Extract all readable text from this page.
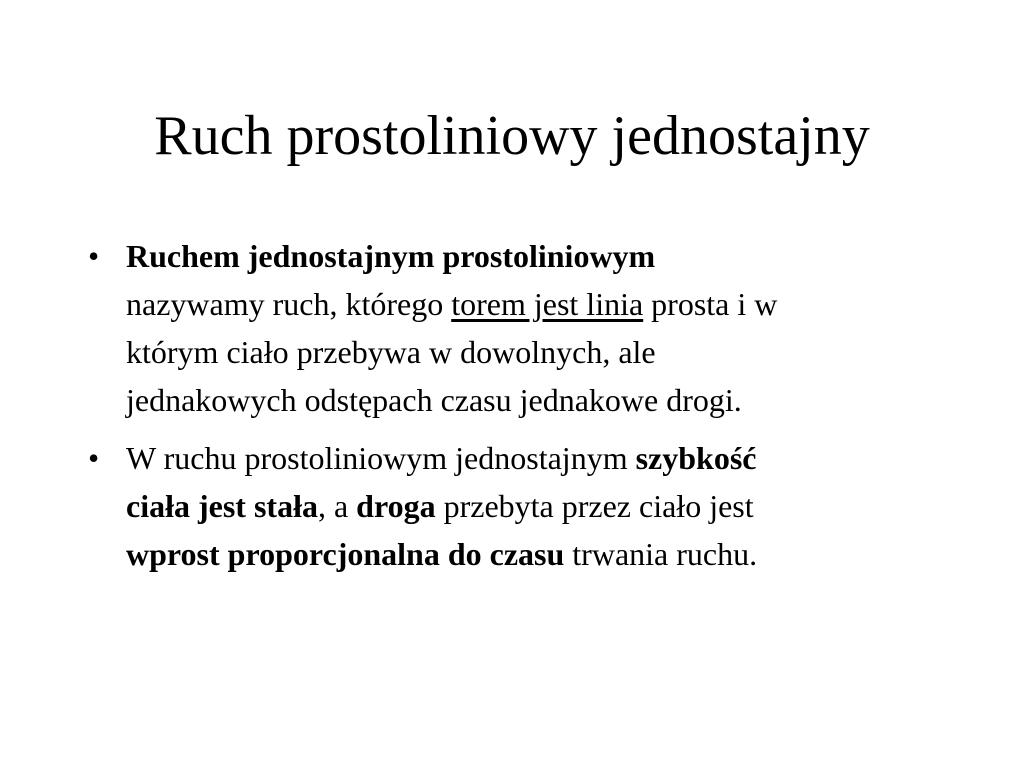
Ruch prostoliniowy jednostajny
• Ruchem jednostajnym prostoliniowym
nazywamy ruch, którego torem jest linia prosta i w
którym ciało przebywa w dowolnych, ale
jednakowych odstępach czasu jednakowe drogi.
• W ruchu prostoliniowym jednostajnym szybkość
ciała jest stała, a droga przebyta przez ciało jest
wprost proporcjonalna do czasu trwania ruchu.
